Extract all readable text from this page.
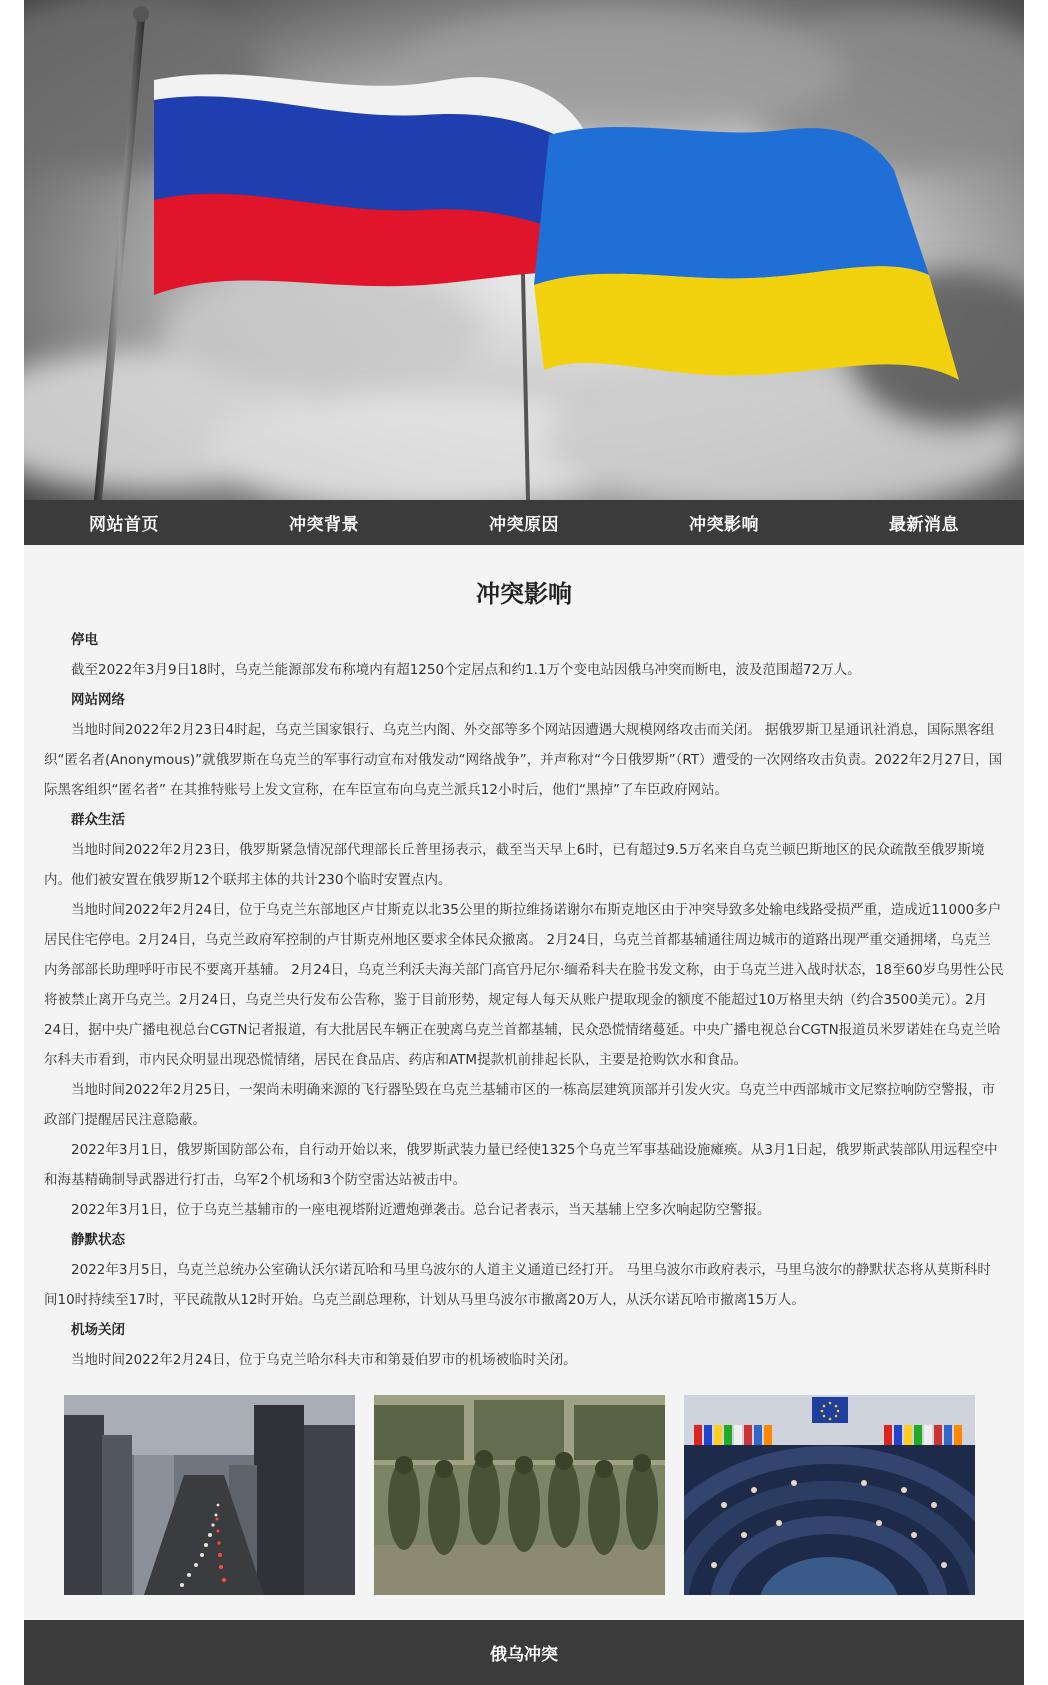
网站首页	冲突背景	冲突原因	冲突影响	最新消息
冲突影响
停电

截至2022年3月9日18时，乌克兰能源部发布称境内有超1250个定居点和约1.1万个变电站因俄乌冲突而断电，波及范围超72万人。

网站网络

当地时间2022年2月23日4时起，乌克兰国家银行、乌克兰内阁、外交部等多个网站因遭遇大规模网络攻击而关闭。 据俄罗斯卫星通讯社消息，国际黑客组织“匿名者(Anonymous)”就俄罗斯在乌克兰的军事行动宣布对俄发动“网络战争”，并声称对“今日俄罗斯”（RT）遭受的一次网络攻击负责。2022年2月27日，国际黑客组织“匿名者” 在其推特账号上发文宣称，在车臣宣布向乌克兰派兵12小时后，他们“黑掉”了车臣政府网站。

群众生活

当地时间2022年2月23日，俄罗斯紧急情况部代理部长丘普里扬表示，截至当天早上6时，已有超过9.5万名来自乌克兰顿巴斯地区的民众疏散至俄罗斯境内。他们被安置在俄罗斯12个联邦主体的共计230个临时安置点内。

当地时间2022年2月24日，位于乌克兰东部地区卢甘斯克以北35公里的斯拉维扬诺谢尔布斯克地区由于冲突导致多处输电线路受损严重，造成近11000多户居民住宅停电。2月24日，乌克兰政府军控制的卢甘斯克州地区要求全体民众撤离。 2月24日，乌克兰首都基辅通往周边城市的道路出现严重交通拥堵，乌克兰内务部部长助理呼吁市民不要离开基辅。 2月24日，乌克兰利沃夫海关部门高官丹尼尔·缅希科夫在脸书发文称，由于乌克兰进入战时状态，18至60岁乌男性公民将被禁止离开乌克兰。2月24日，乌克兰央行发布公告称，鉴于目前形势，规定每人每天从账户提取现金的额度不能超过10万格里夫纳（约合3500美元）。2月24日，据中央广播电视总台CGTN记者报道，有大批居民车辆正在驶离乌克兰首都基辅，民众恐慌情绪蔓延。中央广播电视总台CGTN报道员米罗诺娃在乌克兰哈尔科夫市看到，市内民众明显出现恐慌情绪，居民在食品店、药店和ATM提款机前排起长队，主要是抢购饮水和食品。

当地时间2022年2月25日，一架尚未明确来源的飞行器坠毁在乌克兰基辅市区的一栋高层建筑顶部并引发火灾。乌克兰中西部城市文尼察拉响防空警报，市政部门提醒居民注意隐蔽。

2022年3月1日，俄罗斯国防部公布，自行动开始以来，俄罗斯武装力量已经使1325个乌克兰军事基础设施瘫痪。从3月1日起，俄罗斯武装部队用远程空中和海基精确制导武器进行打击，乌军2个机场和3个防空雷达站被击中。

2022年3月1日，位于乌克兰基辅市的一座电视塔附近遭炮弹袭击。总台记者表示，当天基辅上空多次响起防空警报。

静默状态

2022年3月5日，乌克兰总统办公室确认沃尔诺瓦哈和马里乌波尔的人道主义通道已经打开。 马里乌波尔市政府表示，马里乌波尔的静默状态将从莫斯科时间10时持续至17时，平民疏散从12时开始。乌克兰副总理称，计划从马里乌波尔市撤离20万人，从沃尔诺瓦哈市撤离15万人。

机场关闭

当地时间2022年2月24日，位于乌克兰哈尔科夫市和第聂伯罗市的机场被临时关闭。

俄乌冲突
